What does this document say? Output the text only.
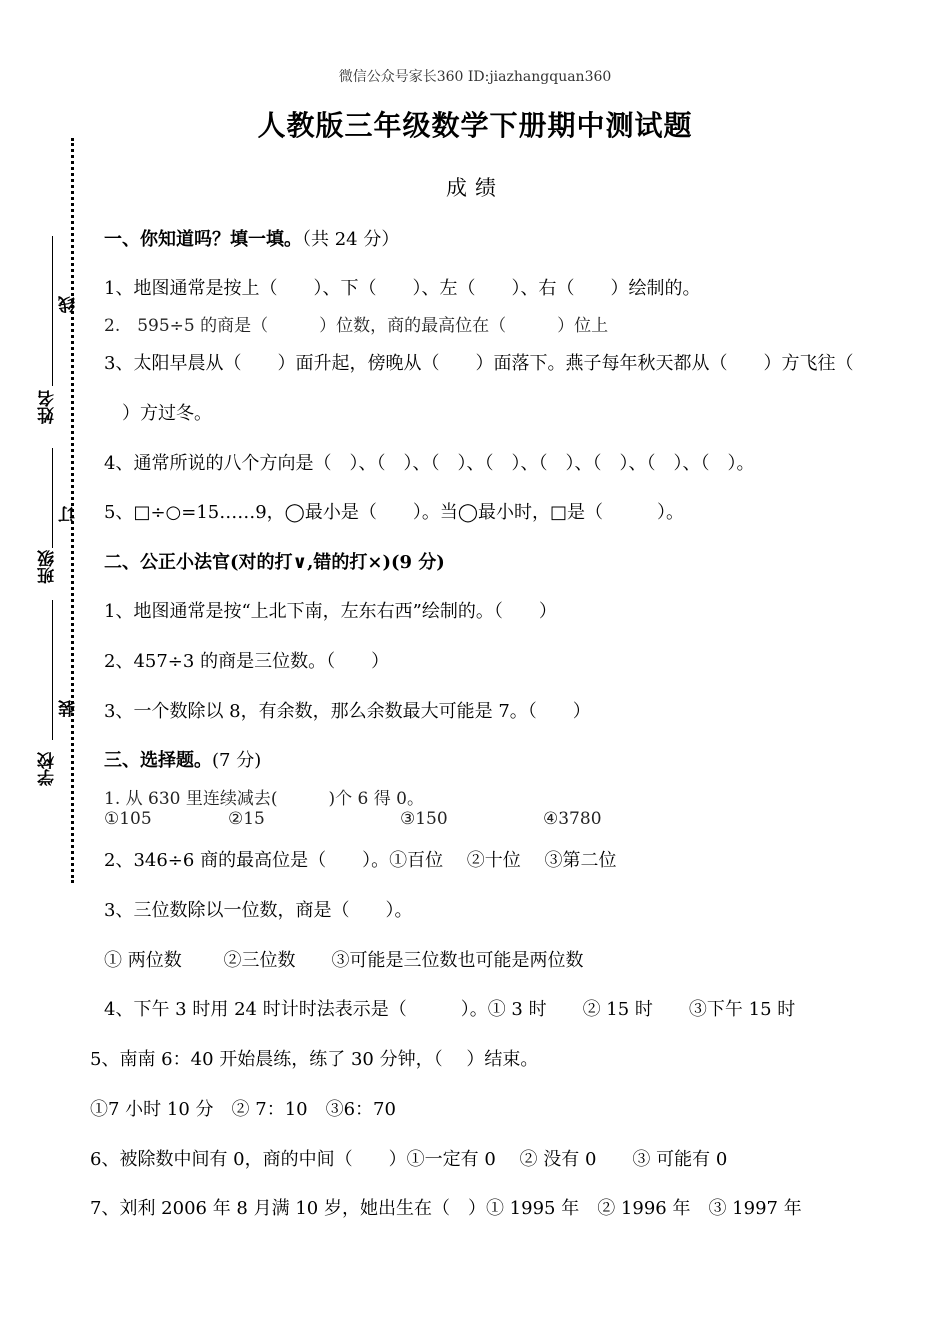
微信公众号家长360 ID:jiazhangquan360
人教版三年级数学下册期中测试题
成绩
线
订
装
姓名
班级
学校
一、你知道吗？填一填。（共 24 分）
1、地图通常是按上（　　）、下（　　）、左（　　）、右（　　）绘制的。
2.　595÷5 的商是（　　　）位数，商的最高位在（　　　）位上
3、太阳早晨从（　　）面升起，傍晚从（　　）面落下。燕子每年秋天都从（　　）方飞往（
）方过冬。
4、通常所说的八个方向是（　）、（　）、（　）、（　）、（　）、（　）、（　）、（　）。
5、□÷○=15……9，◯最小是（　　）。当◯最小时，□是（　　　）。
二、公正小法官(对的打∨,错的打×)(9 分)
1、地图通常是按“上北下南，左东右西”绘制的。（　　）
2、457÷3 的商是三位数。（　　）
3、一个数除以 8，有余数，那么余数最大可能是 7。（　　）
三、选择题。(7 分)
1. 从 630 里连续减去(　　　)个 6 得 0。
①105	②15	③150	④3780
2、346÷6 商的最高位是（　　）。①百位　 ②十位　 ③第二位
3、三位数除以一位数，商是（　　）。
① 两位数　　 ②三位数　　③可能是三位数也可能是两位数
4、下午 3 时用 24 时计时法表示是（　　　）。① 3 时　　② 15 时　　③下午 15 时
5、南南 6：40 开始晨练，练了 30 分钟，（　 ）结束。
①7 小时 10 分　② 7：10　③6：70
6、被除数中间有 0，商的中间（　　）①一定有 0　 ② 没有 0　　③ 可能有 0
7、刘利 2006 年 8 月满 10 岁，她出生在（　）① 1995 年　② 1996 年　③ 1997 年
